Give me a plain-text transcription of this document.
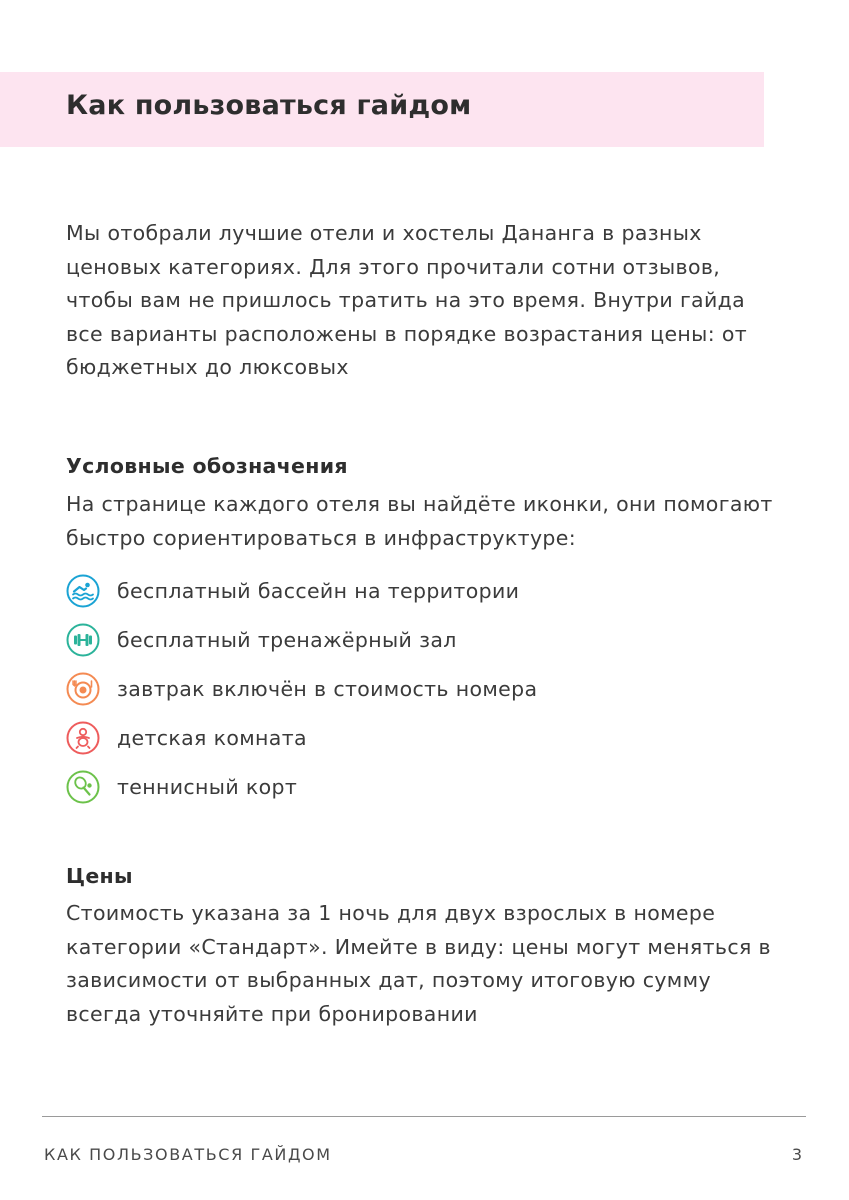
Как пользоваться гайдом

Мы отобрали лучшие отели и хостелы Дананга в разных ценовых категориях. Для этого прочитали сотни отзывов, чтобы вам не пришлось тратить на это время. Внутри гайда все варианты расположены в порядке возрастания цены: от бюджетных до люксовых

Условные обозначения

На странице каждого отеля вы найдёте иконки, они помогают быстро сориентироваться в инфраструктуре:

бесплатный бассейн на территории
бесплатный тренажёрный зал
завтрак включён в стоимость номера
детская комната
теннисный корт
Цены

Стоимость указана за 1 ночь для двух взрослых в номере категории «Стандарт». Имейте в виду: цены могут меняться в зависимости от выбранных дат, поэтому итоговую сумму всегда уточняйте при бронировании

КАК ПОЛЬЗОВАТЬСЯ ГАЙДОМ	3
